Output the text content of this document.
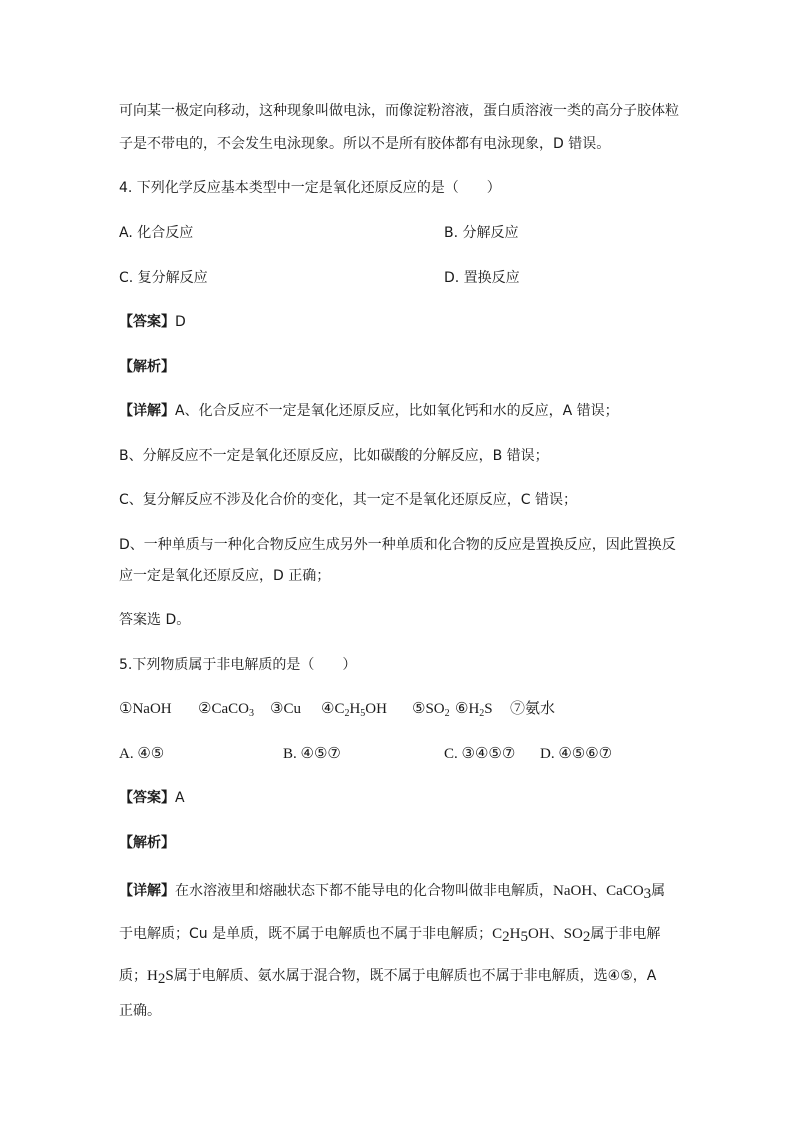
可向某一极定向移动，这种现象叫做电泳，而像淀粉溶液，蛋白质溶液一类的高分子胶体粒
子是不带电的，不会发生电泳现象。所以不是所有胶体都有电泳现象，D 错误。
4. 下列化学反应基本类型中一定是氧化还原反应的是（　　）
A. 化合反应	B. 分解反应
C. 复分解反应	D. 置换反应
【答案】D
【解析】
【详解】A、化合反应不一定是氧化还原反应，比如氧化钙和水的反应，A 错误；
B、分解反应不一定是氧化还原反应，比如碳酸的分解反应，B 错误；
C、复分解反应不涉及化合价的变化，其一定不是氧化还原反应，C 错误；
D、一种单质与一种化合物反应生成另外一种单质和化合物的反应是置换反应，因此置换反
应一定是氧化还原反应，D 正确；
答案选 D。
5.下列物质属于非电解质的是（　　）
①NaOH ②CaCO$_3$ ③Cu $④C_2H_5OH$ $⑤SO_2$ $⑥H_2S$ ⑦氨水
A. ④⑤	B. ④⑤⑦	C. ③④⑤⑦ D. ④⑤⑥⑦
【答案】A
【解析】
【详解】在水溶液里和熔融状态下都不能导电的化合物叫做非电解质，NaOH、CaCO$_3$属
于电解质；Cu 是单质，既不属于电解质也不属于非电解质；$C_2H_5OH$、$SO_2$属于非电解
质；$H_2S$属于电解质、氨水属于混合物，既不属于电解质也不属于非电解质，选④⑤，A
正确。
